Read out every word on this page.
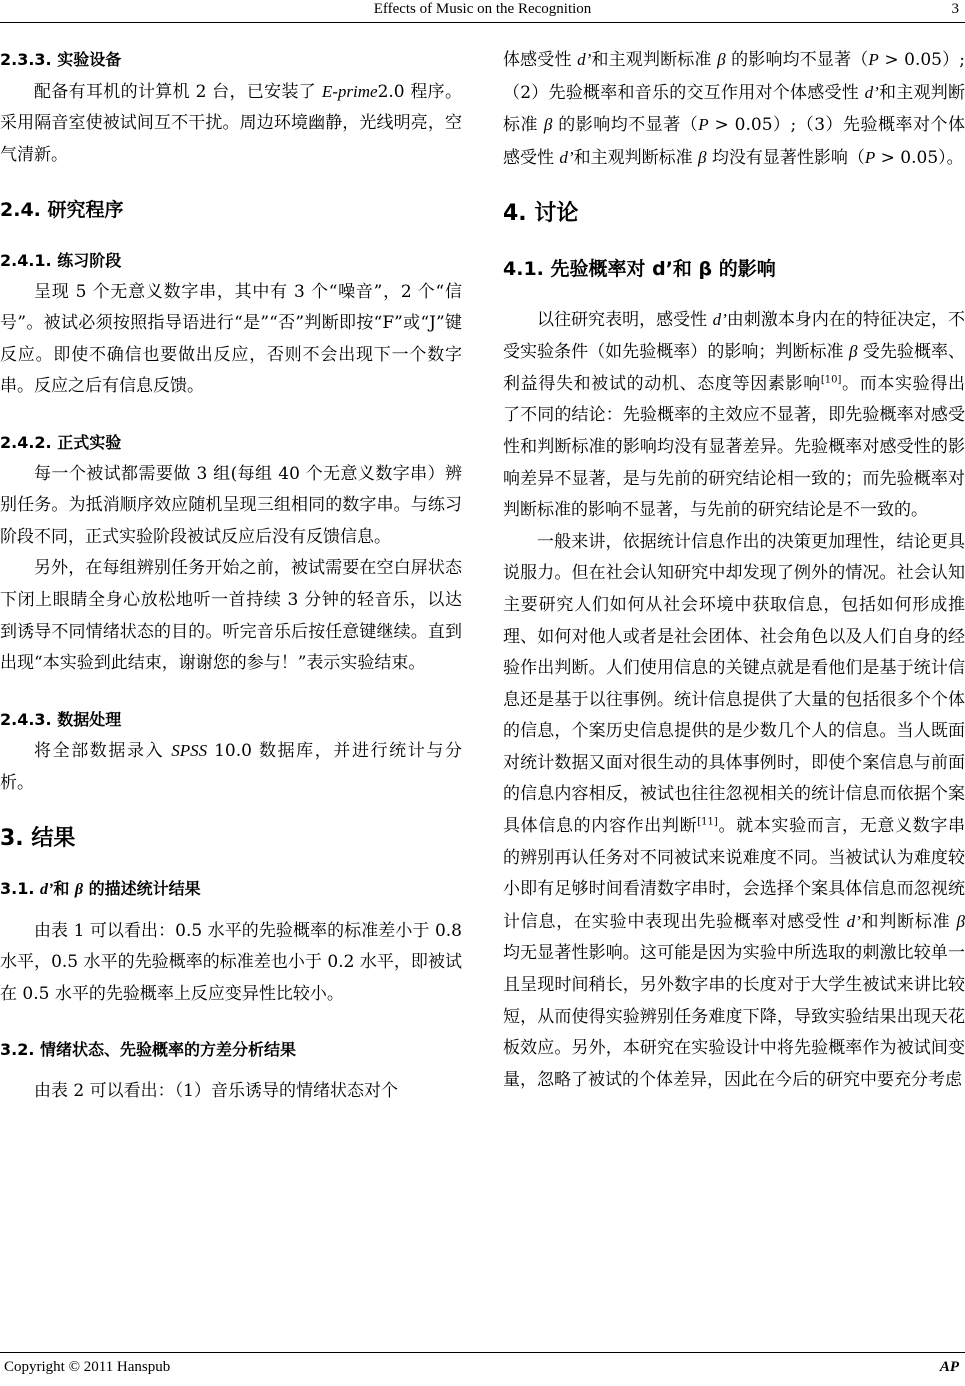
Effects of Music on the Recognition	3
2.3.3. 实验设备

配备有耳机的计算机 2 台，已安装了 E-prime2.0 程序。采用隔音室使被试间互不干扰。周边环境幽静，光线明亮，空气清新。

2.4. 研究程序
2.4.1. 练习阶段

呈现 5 个无意义数字串，其中有 3 个“噪音”，2 个“信号”。被试必须按照指导语进行“是”“否”判断即按“F”或“J”键反应。即使不确信也要做出反应，否则不会出现下一个数字串。反应之后有信息反馈。

2.4.2. 正式实验

每一个被试都需要做 3 组(每组 40 个无意义数字串）辨别任务。为抵消顺序效应随机呈现三组相同的数字串。与练习阶段不同，正式实验阶段被试反应后没有反馈信息。

另外，在每组辨别任务开始之前，被试需要在空白屏状态下闭上眼睛全身心放松地听一首持续 3 分钟的轻音乐，以达到诱导不同情绪状态的目的。听完音乐后按任意键继续。直到出现“本实验到此结束，谢谢您的参与！”表示实验结束。

2.4.3. 数据处理

将全部数据录入 SPSS 10.0 数据库，并进行统计与分析。

3. 结果
3.1. d’和 β 的描述统计结果

由表 1 可以看出：0.5 水平的先验概率的标准差小于 0.8 水平，0.5 水平的先验概率的标准差也小于 0.2 水平，即被试在 0.5 水平的先验概率上反应变异性比较小。

3.2. 情绪状态、先验概率的方差分析结果

由表 2 可以看出：（1）音乐诱导的情绪状态对个

体感受性 d’和主观判断标准 β 的影响均不显著（P > 0.05）;（2）先验概率和音乐的交互作用对个体感受性 d’和主观判断标准 β 的影响均不显著（P > 0.05）;（3）先验概率对个体感受性 d’和主观判断标准 β 均没有显著性影响（P > 0.05）。

4. 讨论
4.1. 先验概率对 d’和 β 的影响

以往研究表明，感受性 d’由刺激本身内在的特征决定，不受实验条件（如先验概率）的影响；判断标准 β 受先验概率、利益得失和被试的动机、态度等因素影响[10]。而本实验得出了不同的结论：先验概率的主效应不显著，即先验概率对感受性和判断标准的影响均没有显著差异。先验概率对感受性的影响差异不显著，是与先前的研究结论相一致的；而先验概率对判断标准的影响不显著，与先前的研究结论是不一致的。

一般来讲，依据统计信息作出的决策更加理性，结论更具说服力。但在社会认知研究中却发现了例外的情况。社会认知主要研究人们如何从社会环境中获取信息，包括如何形成推理、如何对他人或者是社会团体、社会角色以及人们自身的经验作出判断。人们使用信息的关键点就是看他们是基于统计信息还是基于以往事例。统计信息提供了大量的包括很多个个体的信息，个案历史信息提供的是少数几个人的信息。当人既面对统计数据又面对很生动的具体事例时，即使个案信息与前面的信息内容相反，被试也往往忽视相关的统计信息而依据个案具体信息的内容作出判断[11]。就本实验而言，无意义数字串的辨别再认任务对不同被试来说难度不同。当被试认为难度较小即有足够时间看清数字串时，会选择个案具体信息而忽视统计信息，在实验中表现出先验概率对感受性 d’和判断标准 β 均无显著性影响。这可能是因为实验中所选取的刺激比较单一且呈现时间稍长，另外数字串的长度对于大学生被试来讲比较短，从而使得实验辨别任务难度下降，导致实验结果出现天花板效应。另外，本研究在实验设计中将先验概率作为被试间变量，忽略了被试的个体差异，因此在今后的研究中要充分考虑

Copyright © 2011 Hanspub	AP
